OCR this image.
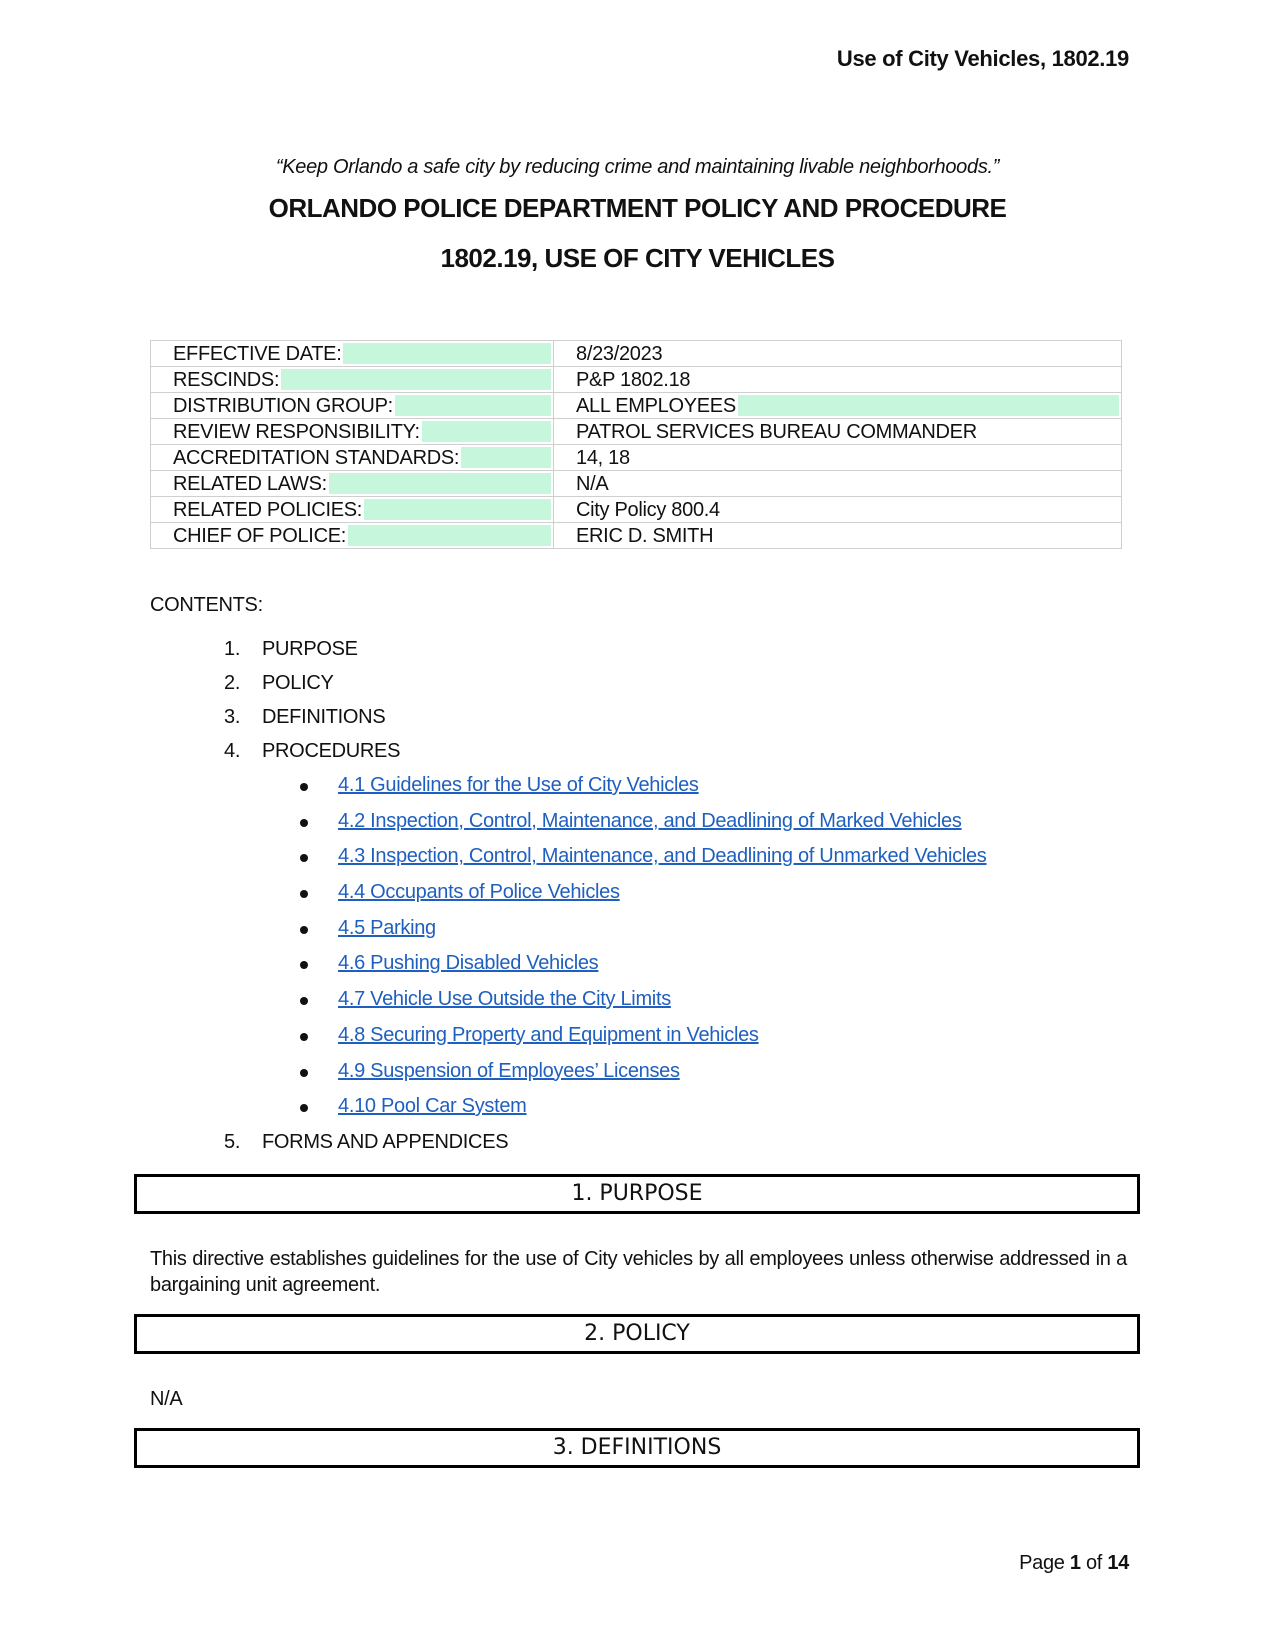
Use of City Vehicles, 1802.19
“Keep Orlando a safe city by reducing crime and maintaining livable neighborhoods.”
ORLANDO POLICE DEPARTMENT POLICY AND PROCEDURE
1802.19, USE OF CITY VEHICLES
EFFECTIVE DATE:	8/23/2023

RESCINDS:	P&P 1802.18

DISTRIBUTION GROUP:	ALL EMPLOYEES

REVIEW RESPONSIBILITY:	PATROL SERVICES BUREAU COMMANDER

ACCREDITATION STANDARDS:	14, 18

RELATED LAWS:	N/A

RELATED POLICIES:	City Policy 800.4

CHIEF OF POLICE:	ERIC D. SMITH
CONTENTS:
1. PURPOSE
2. POLICY
3. DEFINITIONS
4. PROCEDURES
4.1 Guidelines for the Use of City Vehicles
4.2 Inspection, Control, Maintenance, and Deadlining of Marked Vehicles
4.3 Inspection, Control, Maintenance, and Deadlining of Unmarked Vehicles
4.4 Occupants of Police Vehicles
4.5 Parking
4.6 Pushing Disabled Vehicles
4.7 Vehicle Use Outside the City Limits
4.8 Securing Property and Equipment in Vehicles
4.9 Suspension of Employees’ Licenses
4.10 Pool Car System
5. FORMS AND APPENDICES
1. PURPOSE
This directive establishes guidelines for the use of City vehicles by all employees unless otherwise addressed in a bargaining unit agreement.
2. POLICY
N/A
3. DEFINITIONS
Page 1 of 14
